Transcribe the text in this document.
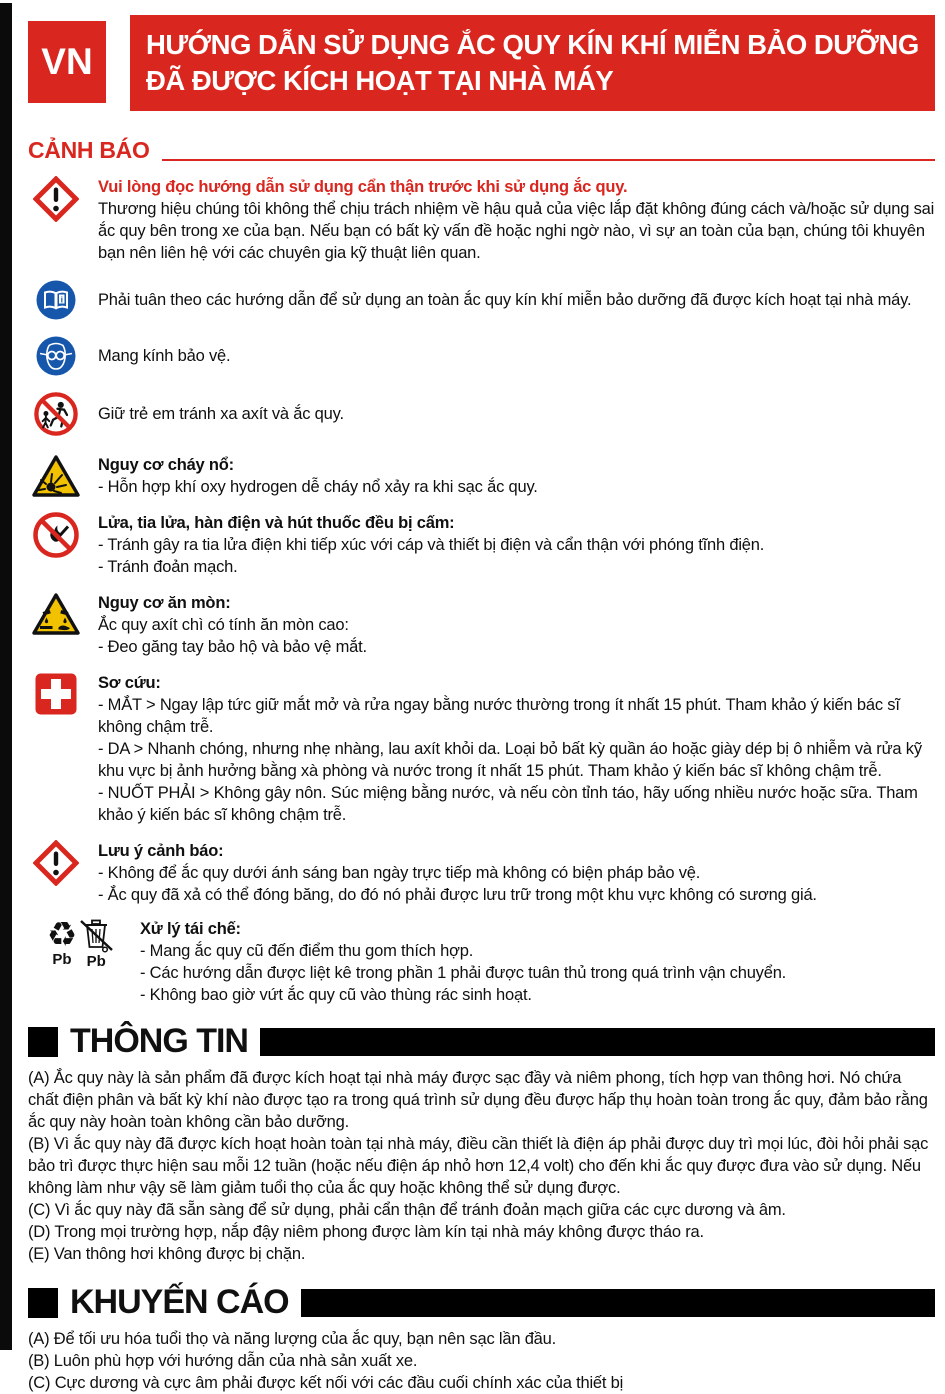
VN HƯỚNG DẪN SỬ DỤNG ẮC QUY KÍN KHÍ MIỄN BẢO DƯỠNG
ĐÃ ĐƯỢC KÍCH HOẠT TẠI NHÀ MÁY
CẢNH BÁO
Vui lòng đọc hướng dẫn sử dụng cẩn thận trước khi sử dụng ắc quy.
Thương hiệu chúng tôi không thể chịu trách nhiệm về hậu quả của việc lắp đặt không đúng cách và/hoặc sử dụng sai ắc quy bên trong xe của bạn. Nếu bạn có bất kỳ vấn đề hoặc nghi ngờ nào, vì sự an toàn của bạn, chúng tôi khuyên bạn nên liên hệ với các chuyên gia kỹ thuật liên quan.
i Phải tuân theo các hướng dẫn để sử dụng an toàn ắc quy kín khí miễn bảo dưỡng đã được kích hoạt tại nhà máy.
Mang kính bảo vệ.
Giữ trẻ em tránh xa axít và ắc quy.
Nguy cơ cháy nổ:
- Hỗn hợp khí oxy hydrogen dễ cháy nổ xảy ra khi sạc ắc quy.
Lửa, tia lửa, hàn điện và hút thuốc đều bị cấm:
- Tránh gây ra tia lửa điện khi tiếp xúc với cáp và thiết bị điện và cẩn thận với phóng tĩnh điện.
- Tránh đoản mạch.
Nguy cơ ăn mòn:
Ắc quy axít chì có tính ăn mòn cao:
- Đeo găng tay bảo hộ và bảo vệ mắt.
Sơ cứu:
- MẮT > Ngay lập tức giữ mắt mở và rửa ngay bằng nước thường trong ít nhất 15 phút. Tham khảo ý kiến bác sĩ không chậm trễ.
- DA > Nhanh chóng, nhưng nhẹ nhàng, lau axít khỏi da. Loại bỏ bất kỳ quần áo hoặc giày dép bị ô nhiễm và rửa kỹ khu vực bị ảnh hưởng bằng xà phòng và nước trong ít nhất 15 phút. Tham khảo ý kiến bác sĩ không chậm trễ.
- NUỐT PHẢI > Không gây nôn. Súc miệng bằng nước, và nếu còn tỉnh táo, hãy uống nhiều nước hoặc sữa. Tham khảo ý kiến bác sĩ không chậm trễ.
Lưu ý cảnh báo:
- Không để ắc quy dưới ánh sáng ban ngày trực tiếp mà không có biện pháp bảo vệ.
- Ắc quy đã xả có thể đóng băng, do đó nó phải được lưu trữ trong một khu vực không có sương giá.
♻
Pb Pb
Xử lý tái chế:
- Mang ắc quy cũ đến điểm thu gom thích hợp.
- Các hướng dẫn được liệt kê trong phần 1 phải được tuân thủ trong quá trình vận chuyển.
- Không bao giờ vứt ắc quy cũ vào thùng rác sinh hoạt.
THÔNG TIN
(A) Ắc quy này là sản phẩm đã được kích hoạt tại nhà máy được sạc đầy và niêm phong, tích hợp van thông hơi. Nó chứa chất điện phân và bất kỳ khí nào được tạo ra trong quá trình sử dụng đều được hấp thụ hoàn toàn trong ắc quy, đảm bảo rằng ắc quy này hoàn toàn không cần bảo dưỡng.
(B) Vì ắc quy này đã được kích hoạt hoàn toàn tại nhà máy, điều cần thiết là điện áp phải được duy trì mọi lúc, đòi hỏi phải sạc bảo trì được thực hiện sau mỗi 12 tuần (hoặc nếu điện áp nhỏ hơn 12,4 volt) cho đến khi ắc quy được đưa vào sử dụng. Nếu không làm như vậy sẽ làm giảm tuổi thọ của ắc quy hoặc không thể sử dụng được.
(C) Vì ắc quy này đã sẵn sàng để sử dụng, phải cẩn thận để tránh đoản mạch giữa các cực dương và âm.
(D) Trong mọi trường hợp, nắp đậy niêm phong được làm kín tại nhà máy không được tháo ra.
(E) Van thông hơi không được bị chặn.
KHUYẾN CÁO
(A) Để tối ưu hóa tuổi thọ và năng lượng của ắc quy, bạn nên sạc lần đầu.
(B) Luôn phù hợp với hướng dẫn của nhà sản xuất xe.
(C) Cực dương và cực âm phải được kết nối với các đầu cuối chính xác của thiết bị
